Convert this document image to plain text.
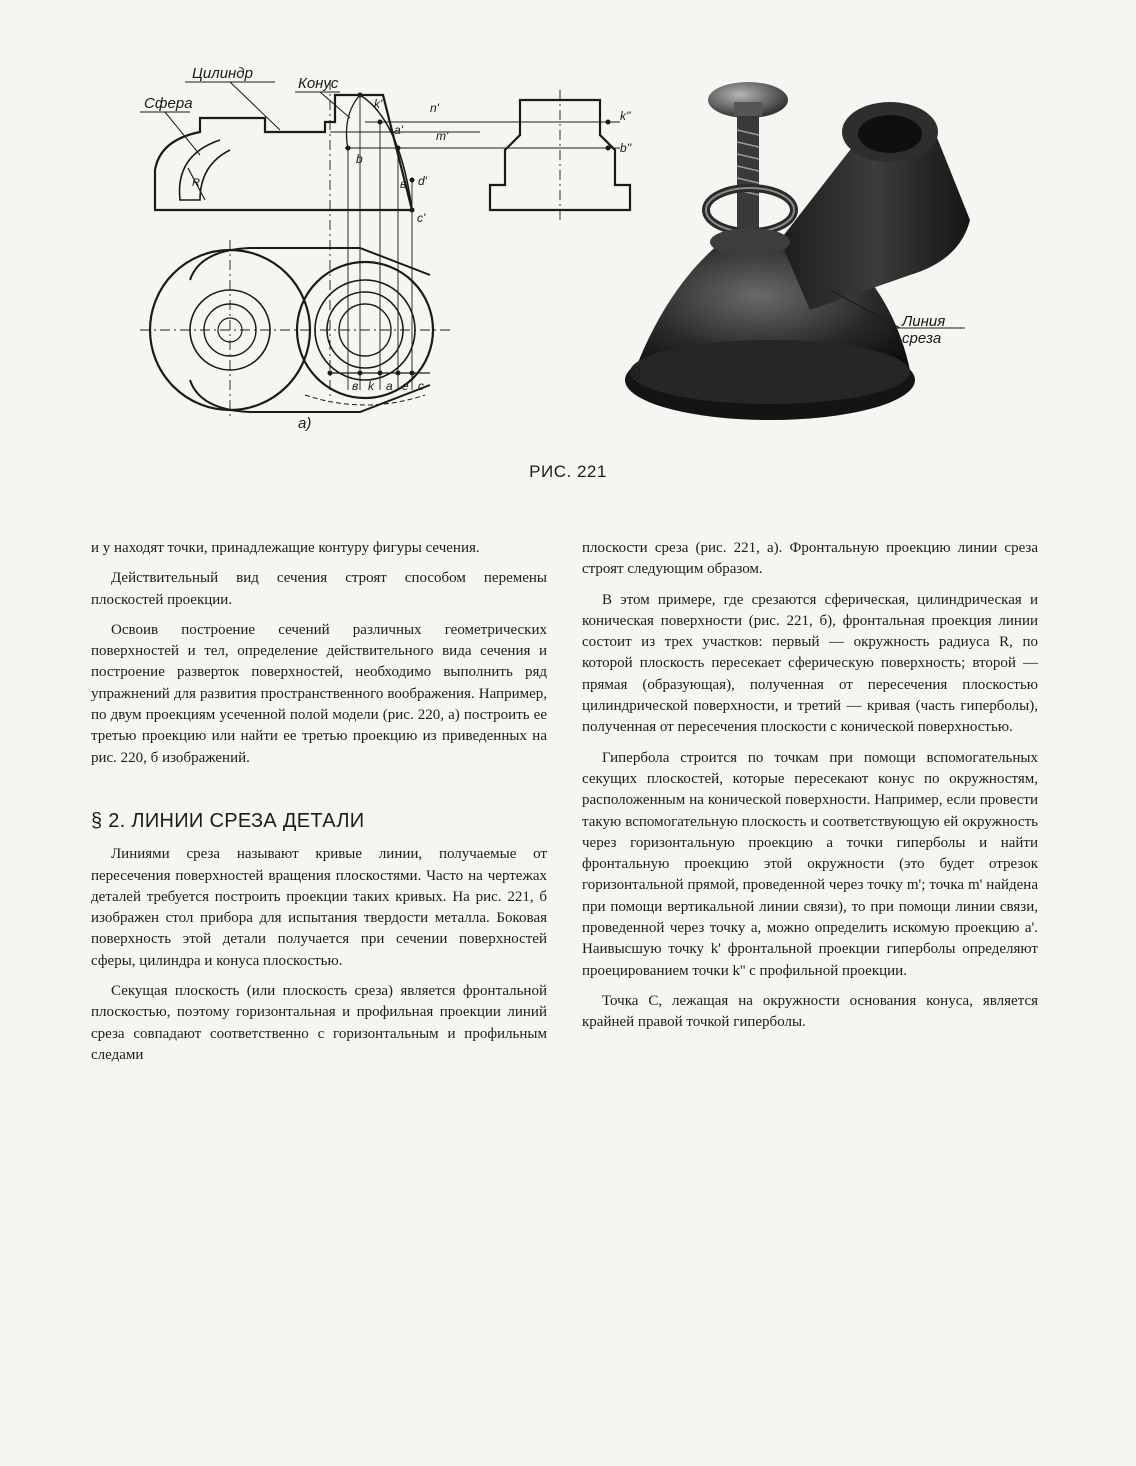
Цилиндр
Конус
Сфера
R
k'	n'
a'	m'
b
в d'
c'
k''
b''
в k a e c
а)
Линия
среза
б)
РИС. 221

и y находят точки, принадлежащие контуру фигуры сечения.

Действительный вид сечения строят способом перемены плоскостей проекции.

Освоив построение сечений различных геометрических поверхностей и тел, определение действительного вида сечения и построение разверток поверхностей, необходимо выполнить ряд упражнений для развития пространственного воображения. Например, по двум проекциям усеченной полой модели (рис. 220, а) построить ее третью проекцию или найти ее третью проекцию из приведенных на рис. 220, б изображений.

§ 2. ЛИНИИ СРЕЗА ДЕТАЛИ

Линиями среза называют кривые линии, получаемые от пересечения поверхностей вращения плоскостями. Часто на чертежах деталей требуется построить проекции таких кривых. На рис. 221, б изображен стол прибора для испытания твердости металла. Боковая поверхность этой детали получается при сечении поверхностей сферы, цилиндра и конуса плоскостью.

Секущая плоскость (или плоскость среза) является фронтальной плоскостью, поэтому горизонтальная и профильная проекции линий среза совпадают соответственно с горизонтальным и профильным следами

плоскости среза (рис. 221, а). Фронтальную проекцию линии среза строят следующим образом.

В этом примере, где срезаются сферическая, цилиндрическая и коническая поверхности (рис. 221, б), фронтальная проекция линии состоит из трех участков: первый — окружность радиуса R, по которой плоскость пересекает сферическую поверхность; второй — прямая (образующая), полученная от пересечения плоскостью цилиндрической поверхности, и третий — кривая (часть гиперболы), полученная от пересечения плоскости с конической поверхностью.

Гипербола строится по точкам при помощи вспомогательных секущих плоскостей, которые пересекают конус по окружностям, расположенным на конической поверхности. Например, если провести такую вспомогательную плоскость и соответствующую ей окружность через горизонтальную проекцию a точки гиперболы и найти фронтальную проекцию этой окружности (это будет отрезок горизонтальной прямой, проведенной через точку m'; точка m' найдена при помощи вертикальной линии связи), то при помощи линии связи, проведенной через точку a, можно определить искомую проекцию a'. Наивысшую точку k' фронтальной проекции гиперболы определяют проецированием точки k'' с профильной проекции.

Точка C, лежащая на окружности основания конуса, является крайней правой точкой гиперболы.
